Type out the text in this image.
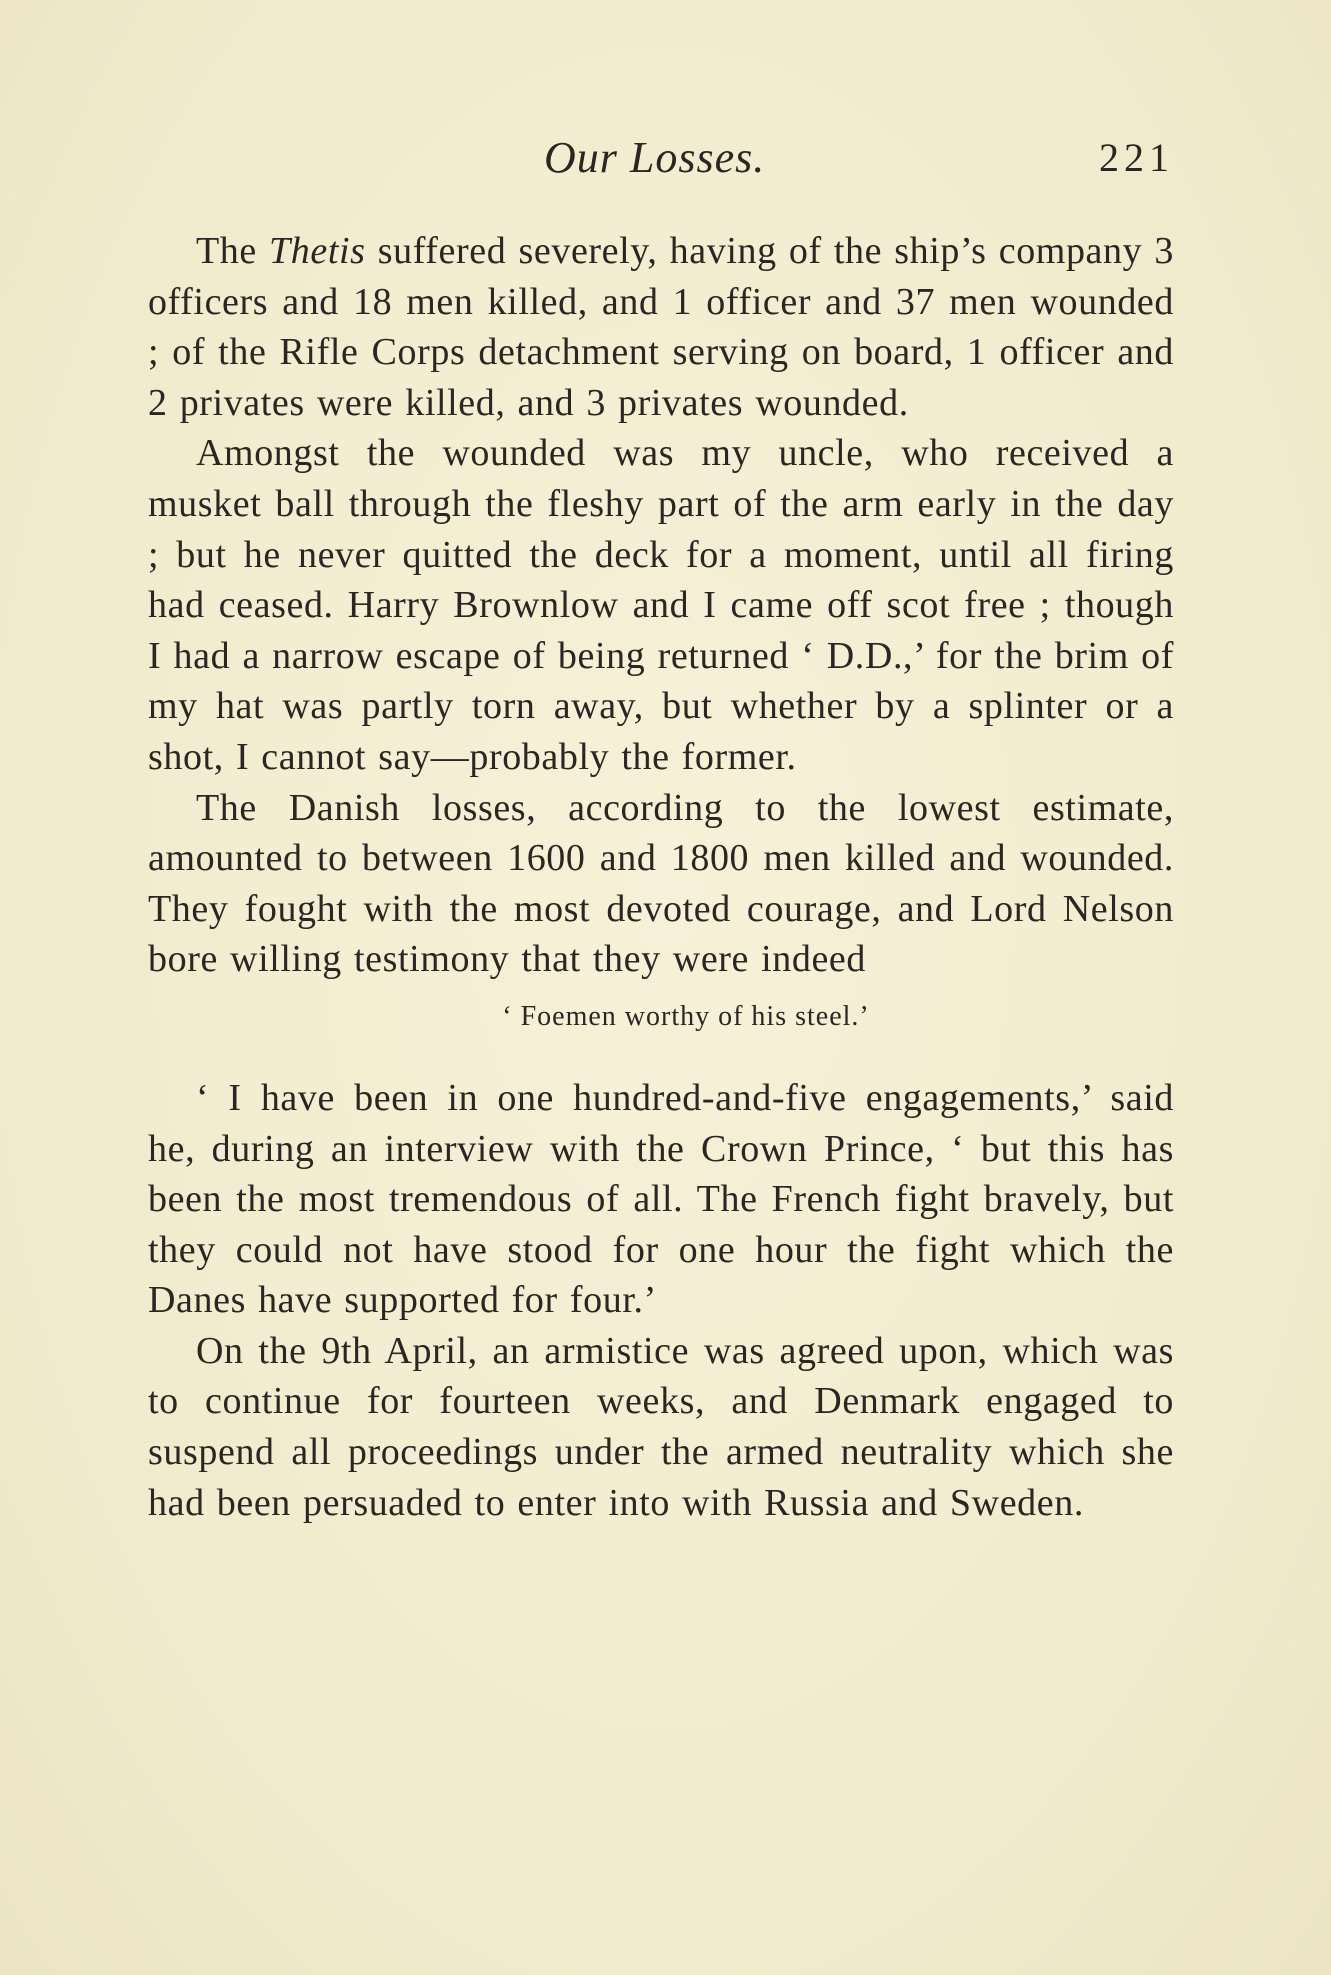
Our Losses.	221

The Thetis suffered severely, having of the ship’s company 3 officers and 18 men killed, and 1 officer and 37 men wounded ; of the Rifle Corps detachment serving on board, 1 officer and 2 privates were killed, and 3 privates wounded.

Amongst the wounded was my uncle, who received a musket ball through the fleshy part of the arm early in the day ; but he never quitted the deck for a moment, until all firing had ceased. Harry Brownlow and I came off scot free ; though I had a narrow escape of being returned ‘ D.D.,’ for the brim of my hat was partly torn away, but whether by a splinter or a shot, I cannot say—probably the former.

The Danish losses, according to the lowest estimate, amounted to between 1600 and 1800 men killed and wounded. They fought with the most devoted courage, and Lord Nelson bore willing testimony that they were indeed

‘ Foemen worthy of his steel.’

‘ I have been in one hundred-and-five engagements,’ said he, during an interview with the Crown Prince, ‘ but this has been the most tremendous of all. The French fight bravely, but they could not have stood for one hour the fight which the Danes have supported for four.’

On the 9th April, an armistice was agreed upon, which was to continue for fourteen weeks, and Denmark engaged to suspend all proceedings under the armed neutrality which she had been persuaded to enter into with Russia and Sweden.
